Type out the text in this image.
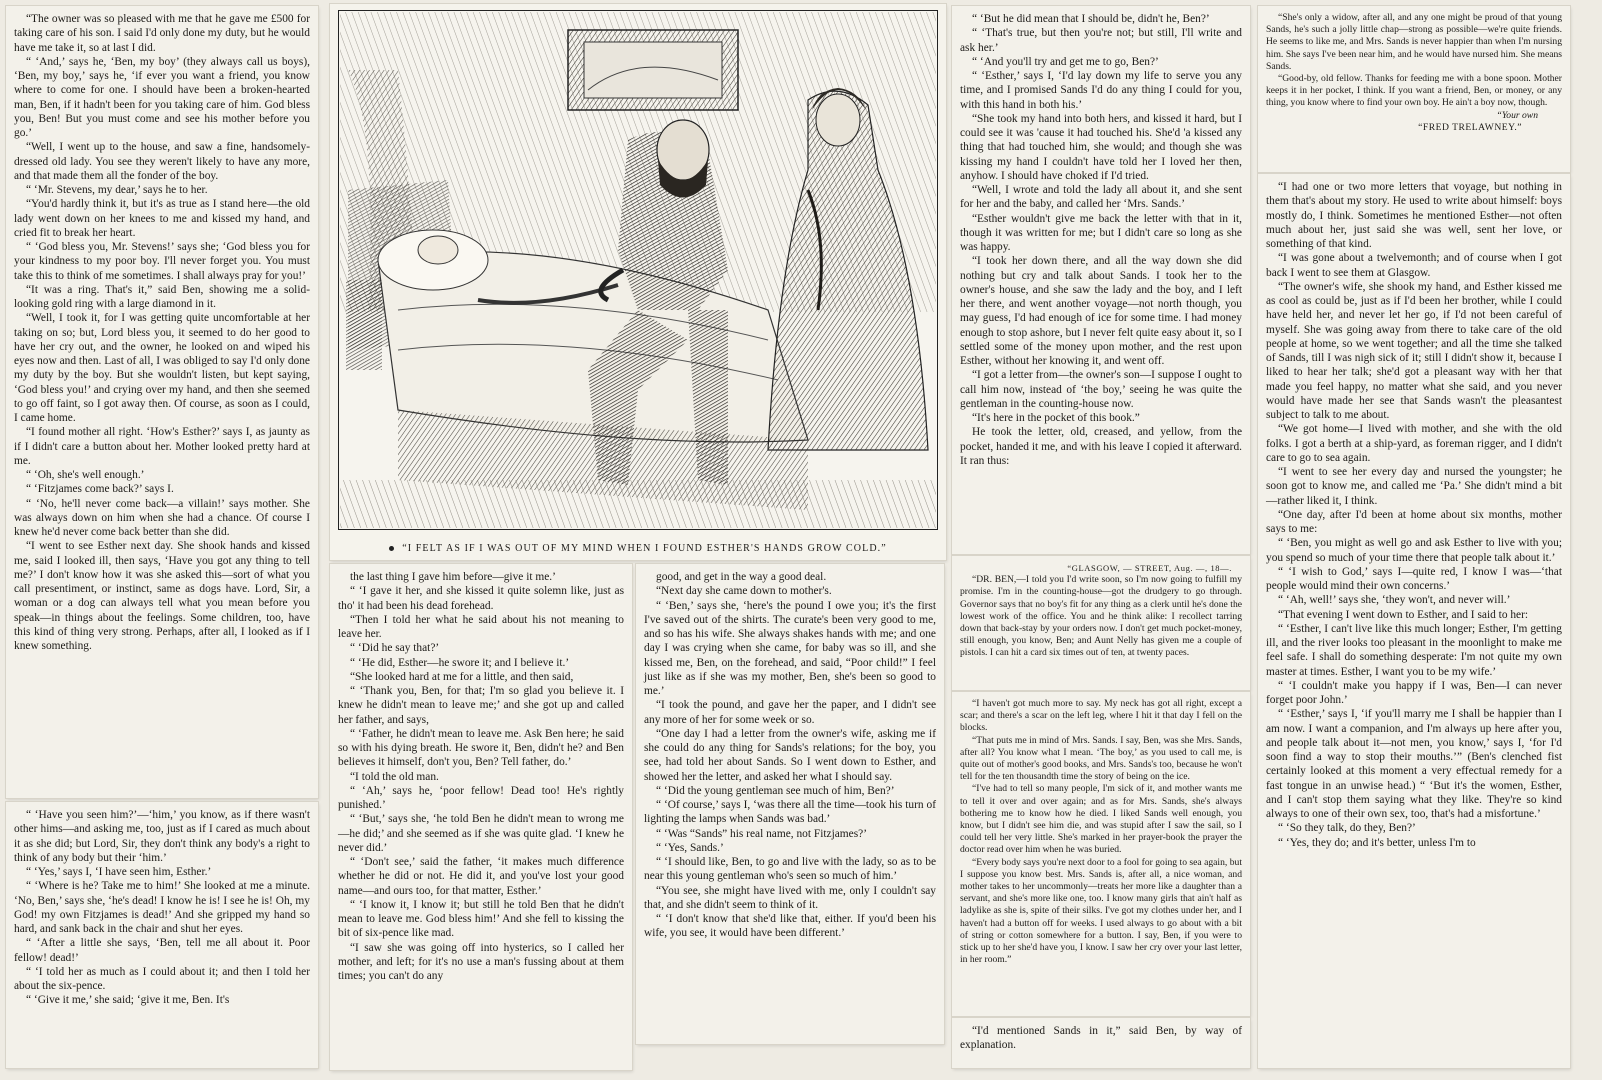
“The owner was so pleased with me that he gave me £500 for taking care of his son. I said I'd only done my duty, but he would have me take it, so at last I did.

“ ‘And,’ says he, ‘Ben, my boy’ (they always call us boys), ‘Ben, my boy,’ says he, ‘if ever you want a friend, you know where to come for one. I should have been a broken-hearted man, Ben, if it hadn't been for you taking care of him. God bless you, Ben! But you must come and see his mother before you go.’

“Well, I went up to the house, and saw a fine, handsomely-dressed old lady. You see they weren't likely to have any more, and that made them all the fonder of the boy.

“ ‘Mr. Stevens, my dear,’ says he to her.

“You'd hardly think it, but it's as true as I stand here—the old lady went down on her knees to me and kissed my hand, and cried fit to break her heart.

“ ‘God bless you, Mr. Stevens!’ says she; ‘God bless you for your kindness to my poor boy. I'll never forget you. You must take this to think of me sometimes. I shall always pray for you!’

“It was a ring. That's it,” said Ben, showing me a solid-looking gold ring with a large diamond in it.

“Well, I took it, for I was getting quite uncomfortable at her taking on so; but, Lord bless you, it seemed to do her good to have her cry out, and the owner, he looked on and wiped his eyes now and then. Last of all, I was obliged to say I'd only done my duty by the boy. But she wouldn't listen, but kept saying, ‘God bless you!’ and crying over my hand, and then she seemed to go off faint, so I got away then. Of course, as soon as I could, I came home.

“I found mother all right. ‘How's Esther?’ says I, as jaunty as if I didn't care a button about her. Mother looked pretty hard at me.

“ ‘Oh, she's well enough.’

“ ‘Fitzjames come back?’ says I.

“ ‘No, he'll never come back—a villain!’ says mother. She was always down on him when she had a chance. Of course I knew he'd never come back better than she did.

“I went to see Esther next day. She shook hands and kissed me, said I looked ill, then says, ‘Have you got any thing to tell me?’ I don't know how it was she asked this—sort of what you call presentiment, or instinct, same as dogs have. Lord, Sir, a woman or a dog can always tell what you mean before you speak—in things about the feelings. Some children, too, have this kind of thing very strong. Perhaps, after all, I looked as if I knew something.

“ ‘Have you seen him?’—‘him,’ you know, as if there wasn't other hims—and asking me, too, just as if I cared as much about it as she did; but Lord, Sir, they don't think any body's a right to think of any body but their ‘him.’

“ ‘Yes,’ says I, ‘I have seen him, Esther.’

“ ‘Where is he? Take me to him!’ She looked at me a minute. ‘No, Ben,’ says she, ‘he's dead! I know he is! I see he is! Oh, my God! my own Fitzjames is dead!’ And she gripped my hand so hard, and sank back in the chair and shut her eyes.

“ ‘After a little she says, ‘Ben, tell me all about it. Poor fellow! dead!’

“ ‘I told her as much as I could about it; and then I told her about the six-pence.

“ ‘Give it me,’ she said; ‘give it me, Ben. It's

“I FELT AS IF I WAS OUT OF MY MIND WHEN I FOUND ESTHER'S HANDS GROW COLD.”

the last thing I gave him before—give it me.’

“ ‘I gave it her, and she kissed it quite solemn like, just as tho' it had been his dead forehead.

“Then I told her what he said about his not meaning to leave her.

“ ‘Did he say that?’

“ ‘He did, Esther—he swore it; and I believe it.’

“She looked hard at me for a little, and then said,

“ ‘Thank you, Ben, for that; I'm so glad you believe it. I knew he didn't mean to leave me;’ and she got up and called her father, and says,

“ ‘Father, he didn't mean to leave me. Ask Ben here; he said so with his dying breath. He swore it, Ben, didn't he? and Ben believes it himself, don't you, Ben? Tell father, do.’

“I told the old man.

“ ‘Ah,’ says he, ‘poor fellow! Dead too! He's rightly punished.’

“ ‘But,’ says she, ‘he told Ben he didn't mean to wrong me—he did;’ and she seemed as if she was quite glad. ‘I knew he never did.’

“ ‘Don't see,’ said the father, ‘it makes much difference whether he did or not. He did it, and you've lost your good name—and ours too, for that matter, Esther.’

“ ‘I know it, I know it; but still he told Ben that he didn't mean to leave me. God bless him!’ And she fell to kissing the bit of six-pence like mad.

“I saw she was going off into hysterics, so I called her mother, and left; for it's no use a man's fussing about at them times; you can't do any

good, and get in the way a good deal.

“Next day she came down to mother's.

“ ‘Ben,’ says she, ‘here's the pound I owe you; it's the first I've saved out of the shirts. The curate's been very good to me, and so has his wife. She always shakes hands with me; and one day I was crying when she came, for baby was so ill, and she kissed me, Ben, on the forehead, and said, “Poor child!” I feel just like as if she was my mother, Ben, she's been so good to me.’

“I took the pound, and gave her the paper, and I didn't see any more of her for some week or so.

“One day I had a letter from the owner's wife, asking me if she could do any thing for Sands's relations; for the boy, you see, had told her about Sands. So I went down to Esther, and showed her the letter, and asked her what I should say.

“ ‘Did the young gentleman see much of him, Ben?’

“ ‘Of course,’ says I, ‘was there all the time—took his turn of lighting the lamps when Sands was bad.’

“ ‘Was “Sands” his real name, not Fitzjames?’

“ ‘Yes, Sands.’

“ ‘I should like, Ben, to go and live with the lady, so as to be near this young gentleman who's seen so much of him.’

“You see, she might have lived with me, only I couldn't say that, and she didn't seem to think of it.

“ ‘I don't know that she'd like that, either. If you'd been his wife, you see, it would have been different.’

“ ‘But he did mean that I should be, didn't he, Ben?’

“ ‘That's true, but then you're not; but still, I'll write and ask her.’

“ ‘And you'll try and get me to go, Ben?’

“ ‘Esther,’ says I, ‘I'd lay down my life to serve you any time, and I promised Sands I'd do any thing I could for you, with this hand in both his.’

“She took my hand into both hers, and kissed it hard, but I could see it was 'cause it had touched his. She'd 'a kissed any thing that had touched him, she would; and though she was kissing my hand I couldn't have told her I loved her then, anyhow. I should have choked if I'd tried.

“Well, I wrote and told the lady all about it, and she sent for her and the baby, and called her ‘Mrs. Sands.’

“Esther wouldn't give me back the letter with that in it, though it was written for me; but I didn't care so long as she was happy.

“I took her down there, and all the way down she did nothing but cry and talk about Sands. I took her to the owner's house, and she saw the lady and the boy, and I left her there, and went another voyage—not north though, you may guess, I'd had enough of ice for some time. I had money enough to stop ashore, but I never felt quite easy about it, so I settled some of the money upon mother, and the rest upon Esther, without her knowing it, and went off.

“I got a letter from—the owner's son—I suppose I ought to call him now, instead of ‘the boy,’ seeing he was quite the gentleman in the counting-house now.

“It's here in the pocket of this book.”

He took the letter, old, creased, and yellow, from the pocket, handed it me, and with his leave I copied it afterward. It ran thus:

“GLASGOW, — STREET, Aug. —, 18—.

“DR. BEN,—I told you I'd write soon, so I'm now going to fulfill my promise. I'm in the counting-house—got the drudgery to go through. Governor says that no boy's fit for any thing as a clerk until he's done the lowest work of the office. You and he think alike: I recollect tarring down that back-stay by your orders now. I don't get much pocket-money, still enough, you know, Ben; and Aunt Nelly has given me a couple of pistols. I can hit a card six times out of ten, at twenty paces.

“I haven't got much more to say. My neck has got all right, except a scar; and there's a scar on the left leg, where I hit it that day I fell on the blocks.

“That puts me in mind of Mrs. Sands. I say, Ben, was she Mrs. Sands, after all? You know what I mean. ‘The boy,’ as you used to call me, is quite out of mother's good books, and Mrs. Sands's too, because he won't tell for the ten thousandth time the story of being on the ice.

“I've had to tell so many people, I'm sick of it, and mother wants me to tell it over and over again; and as for Mrs. Sands, she's always bothering me to know how he died. I liked Sands well enough, you know, but I didn't see him die, and was stupid after I saw the sail, so I could tell her very little. She's marked in her prayer-book the prayer the doctor read over him when he was buried.

“Every body says you're next door to a fool for going to sea again, but I suppose you know best. Mrs. Sands is, after all, a nice woman, and mother takes to her uncommonly—treats her more like a daughter than a servant, and she's more like one, too. I know many girls that ain't half as ladylike as she is, spite of their silks. I've got my clothes under her, and I haven't had a button off for weeks. I used always to go about with a bit of string or cotton somewhere for a button. I say, Ben, if you were to stick up to her she'd have you, I know. I saw her cry over your last letter, in her room.”

“I'd mentioned Sands in it,” said Ben, by way of explanation.

“She's only a widow, after all, and any one might be proud of that young Sands, he's such a jolly little chap—strong as possible—we're quite friends. He seems to like me, and Mrs. Sands is never happier than when I'm nursing him. She says I've been near him, and he would have nursed him. She means Sands.

“Good-by, old fellow. Thanks for feeding me with a bone spoon. Mother keeps it in her pocket, I think. If you want a friend, Ben, or money, or any thing, you know where to find your own boy. He ain't a boy now, though.

“Your own

“FRED TRELAWNEY.”

“I had one or two more letters that voyage, but nothing in them that's about my story. He used to write about himself: boys mostly do, I think. Sometimes he mentioned Esther—not often much about her, just said she was well, sent her love, or something of that kind.

“I was gone about a twelvemonth; and of course when I got back I went to see them at Glasgow.

“The owner's wife, she shook my hand, and Esther kissed me as cool as could be, just as if I'd been her brother, while I could have held her, and never let her go, if I'd not been careful of myself. She was going away from there to take care of the old people at home, so we went together; and all the time she talked of Sands, till I was nigh sick of it; still I didn't show it, because I liked to hear her talk; she'd got a pleasant way with her that made you feel happy, no matter what she said, and you never would have made her see that Sands wasn't the pleasantest subject to talk to me about.

“We got home—I lived with mother, and she with the old folks. I got a berth at a ship-yard, as foreman rigger, and I didn't care to go to sea again.

“I went to see her every day and nursed the youngster; he soon got to know me, and called me ‘Pa.’ She didn't mind a bit—rather liked it, I think.

“One day, after I'd been at home about six months, mother says to me:

“ ‘Ben, you might as well go and ask Esther to live with you; you spend so much of your time there that people talk about it.’

“ ‘I wish to God,’ says I—quite red, I know I was—‘that people would mind their own concerns.’

“ ‘Ah, well!’ says she, ‘they won't, and never will.’

“That evening I went down to Esther, and I said to her:

“ ‘Esther, I can't live like this much longer; Esther, I'm getting ill, and the river looks too pleasant in the moonlight to make me feel safe. I shall do something desperate: I'm not quite my own master at times. Esther, I want you to be my wife.’

“ ‘I couldn't make you happy if I was, Ben—I can never forget poor John.’

“ ‘Esther,’ says I, ‘if you'll marry me I shall be happier than I am now. I want a companion, and I'm always up here after you, and people talk about it—not men, you know,’ says I, ‘for I'd soon find a way to stop their mouths.’” (Ben's clenched fist certainly looked at this moment a very effectual remedy for a fast tongue in an unwise head.) “ ‘But it's the women, Esther, and I can't stop them saying what they like. They're so kind always to one of their own sex, too, that's had a misfortune.’

“ ‘So they talk, do they, Ben?’

“ ‘Yes, they do; and it's better, unless I'm to
